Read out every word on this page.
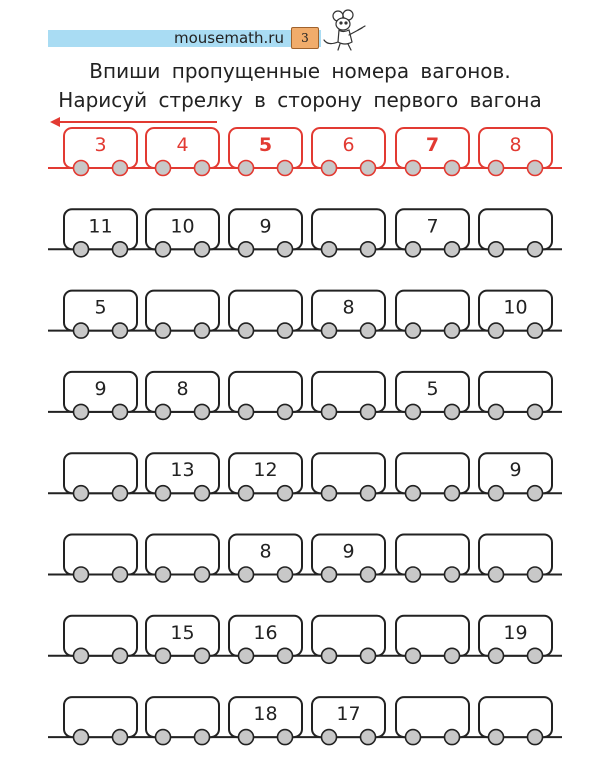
mousemath.ru	3
Впиши пропущенные номера вагонов.
Нарисуй стрелку в сторону первого вагона
3	4	5	6	7	8
11	10	9	7
5	8	10
9	8	5
13	12	9
8	9
15	16	19
18	17
